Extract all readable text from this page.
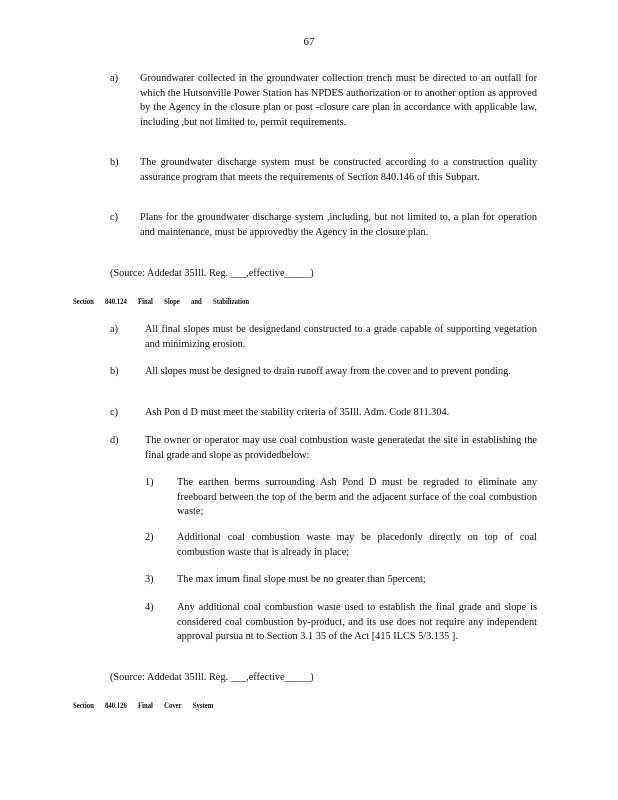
67
a) Groundwater collected in the groundwater collection trench must be directed to an outfall for which the Hutsonville Power Station has NPDES authorization or to another option as approved by the Agency in the closure plan or post -closure care plan in accordance with applicable law, including ,but not limited to, permit requirements.
b) The groundwater discharge system must be constructed according to a construction quality assurance program that meets the requirements of Section 840.146 of this Subpart.
c) Plans for the groundwater discharge system ,including, but not limited to, a plan for operation and maintenance, must be approvedby the Agency in the closure plan.
(Source: Addedat 35Ill. Reg. ___,effective_____)
Section 840.124 Final Slope and Stabilization
a)	All final slopes must be designedand constructed to a grade capable of supporting vegetation and minimizing erosion.
b)	All slopes must be designed to drain runoff away from the cover and to prevent ponding.
c)	Ash Pon d D must meet the stability criteria of 35Ill. Adm. Code 811.304.
d)	The owner or operator may use coal combustion waste generatedat the site in establishing the final grade and slope as providedbelow:
1) The earthen berms surrounding Ash Pond D must be regraded to eliminate any freeboard between the top of the berm and the adjacent surface of the coal combustion waste;
2) Additional coal combustion waste may be placedonly directly on top of coal combustion waste that is already in place;
3) The max imum final slope must be no greater than 5percent;
4) Any additional coal combustion waste used to establish the final grade and slope is considered coal combustion by-product, and its use does not require any independent approval pursua nt to Section 3.1 35 of the Act [415 ILCS 5/3.135 ].
(Source: Addedat 35Ill. Reg. ___,effective_____)
Section 840.126 Final Cover System
